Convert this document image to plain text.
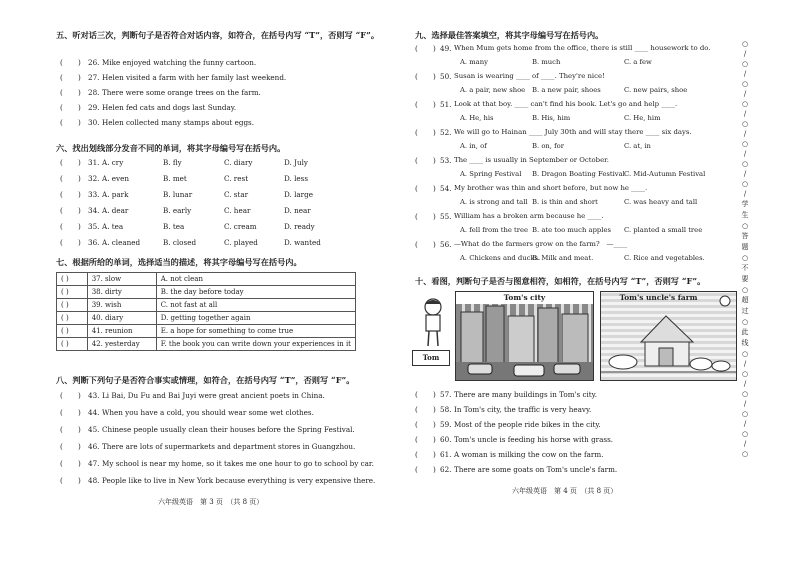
五、听对话三次，判断句子是否符合对话内容，如符合，在括号内写 “T”，否则写 “F”。
( ) 26. Mike enjoyed watching the funny cartoon.
( ) 27. Helen visited a farm with her family last weekend.
( ) 28. There were some orange trees on the farm.
( ) 29. Helen fed cats and dogs last Sunday.
( ) 30. Helen collected many stamps about eggs.
六、找出划线部分发音不同的单词，将其字母编号写在括号内。
( ) 31. A. cry	B. fly	C. diary	D. July
( ) 32. A. even	B. met	C. rest	D. less
( ) 33. A. park	B. lunar	C. star	D. large
( ) 34. A. dear	B. early	C. hear	D. near
( ) 35. A. tea	B. tea	C. cream	D. ready
( ) 36. A. cleaned	B. closed	C. played	D. wanted
七、根据所给的单词，选择适当的描述，将其字母编号写在括号内。
( )	37. slow	A. not clean
( )	38. dirty	B. the day before today
( )	39. wish	C. not fast at all
( )	40. diary	D. getting together again
( )	41. reunion	E. a hope for something to come true
( )	42. yesterday	F. the book you can write down your experiences in it
八、判断下列句子是否符合事实或情理，如符合，在括号内写 “T”，否则写 “F”。
( ) 43. Li Bai, Du Fu and Bai Juyi were great ancient poets in China.
( ) 44. When you have a cold, you should wear some wet clothes.
( ) 45. Chinese people usually clean their houses before the Spring Festival.
( ) 46. There are lots of supermarkets and department stores in Guangzhou.
( ) 47. My school is near my home, so it takes me one hour to go to school by car.
( ) 48. People like to live in New York because everything is very expensive there.
六年级英语　第 3 页　（共 8 页）
九、选择最佳答案填空，将其字母编号写在括号内。
( ) 49. When Mum gets home from the office, there is still ____ housework to do.
A. many	B. much	C. a few
( ) 50. Susan is wearing ____ of ____. They're nice!
A. a pair, new shoe B. a new pair, shoes	C. new pairs, shoe
( ) 51. Look at that boy. ____ can't find his book. Let's go and help ____.
A. He, his	B. His, him	C. He, him
( ) 52. We will go to Hainan ____ July 30th and will stay there ____ six days.
A. in, of	B. on, for	C. at, in
( ) 53. The ____ is usually in September or October.
A. Spring Festival B. Dragon Boating Festival C. Mid-Autumn Festival
( ) 54. My brother was thin and short before, but now he ____.
A. is strong and tall B. is thin and short	C. was heavy and tall
( ) 55. William has a broken arm because he ____.
A. fell from the tree B. ate too much apples C. planted a small tree
( ) 56. —What do the farmers grow on the farm?　—____
A. Chickens and ducks.
B. Milk and meat.	C. Rice and vegetables.
十、看图，判断句子是否与图意相符，如相符，在括号内写 “T”，否则写 “F”。
Tom
Tom's city	Tom's uncle's farm
( ) 57. There are many buildings in Tom's city.
( ) 58. In Tom's city, the traffic is very heavy.
( ) 59. Most of the people ride bikes in the city.
( ) 60. Tom's uncle is feeding his horse with grass.
( ) 61. A woman is milking the cow on the farm.
( ) 62. There are some goats on Tom's uncle's farm.
六年级英语　第 4 页　（共 8 页）
○
/
○
/
○
/
○
/
○
/
○
/
○
/
○
/
学
生
○
答
题
○
不
要
○
超
过
○
此
线
○
/
○
/
○
/
○
/
○
/
○
